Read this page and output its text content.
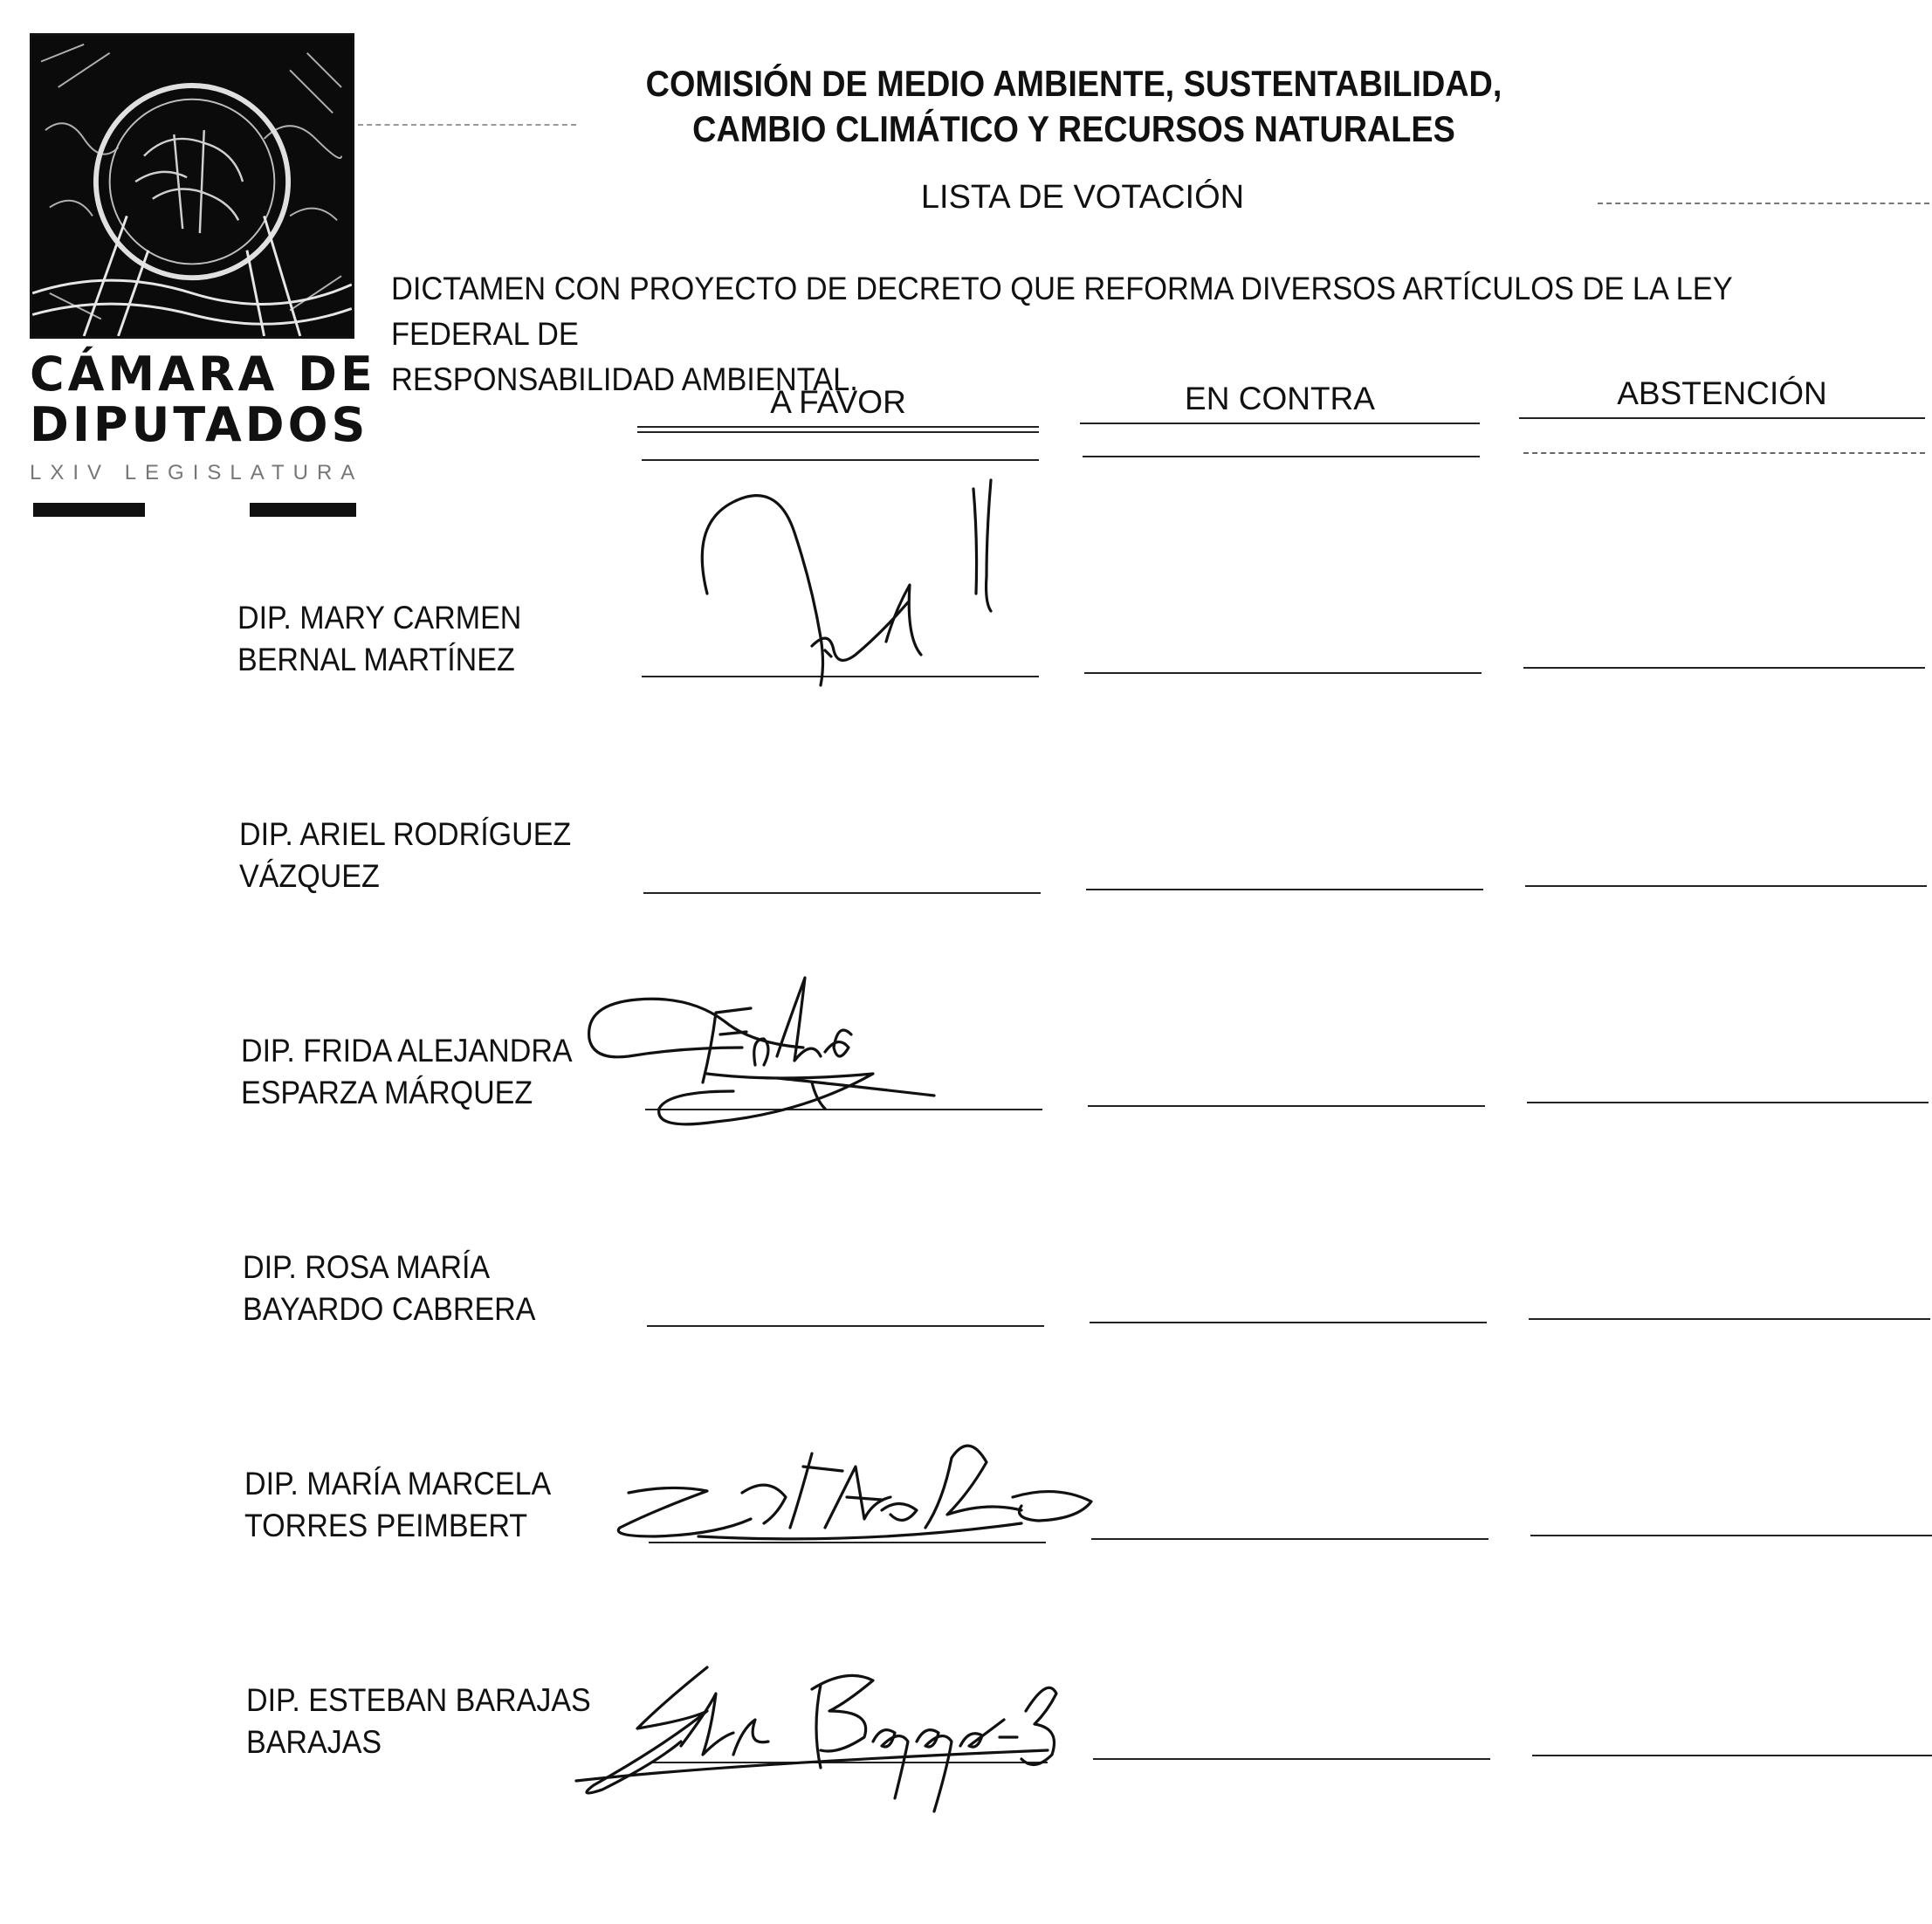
CÁMARA DE
DIPUTADOS
LXIV LEGISLATURA
COMISIÓN DE MEDIO AMBIENTE, SUSTENTABILIDAD,
CAMBIO CLIMÁTICO Y RECURSOS NATURALES
LISTA DE VOTACIÓN
DICTAMEN CON PROYECTO DE DECRETO QUE REFORMA DIVERSOS ARTÍCULOS DE LA LEY FEDERAL DE
RESPONSABILIDAD AMBIENTAL.
A FAVOR	EN CONTRA	ABSTENCIÓN
DIP. MARY CARMEN
BERNAL MARTÍNEZ
DIP. ARIEL RODRÍGUEZ
VÁZQUEZ
DIP. FRIDA ALEJANDRA
ESPARZA MÁRQUEZ
DIP. ROSA MARÍA
BAYARDO CABRERA
DIP. MARÍA MARCELA
TORRES PEIMBERT
DIP. ESTEBAN BARAJAS
BARAJAS
